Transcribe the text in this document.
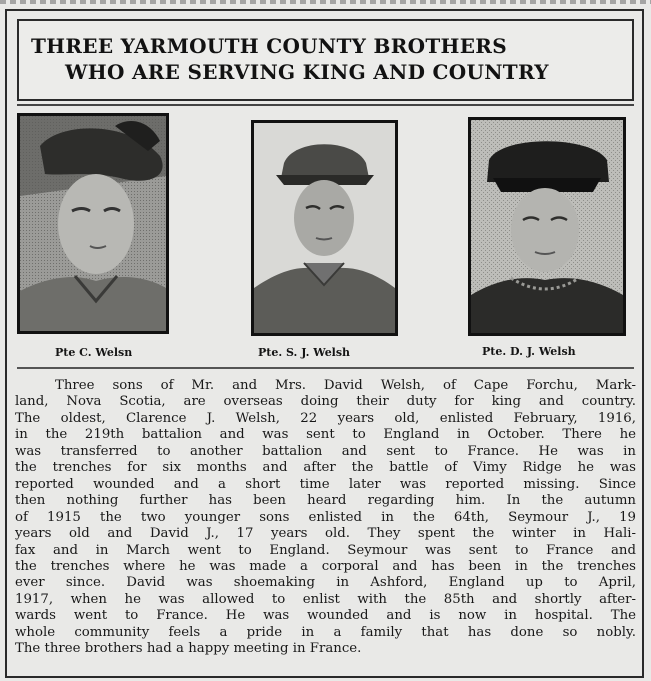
THREE YARMOUTH COUNTY BROTHERS
WHO ARE SERVING KING AND COUNTRY
Pte C. Welsn	Pte. S. J. Welsh	Pte. D. J. Welsh
Three sons of Mr. and Mrs. David Welsh, of Cape Forchu, Mark-
land, Nova Scotia, are overseas doing their duty for king and country.
The oldest, Clarence J. Welsh, 22 years old, enlisted February, 1916,
in the 219th battalion and was sent to England in October. There he
was transferred to another battalion and sent to France. He was in
the trenches for six months and after the battle of Vimy Ridge he was
reported wounded and a short time later was reported missing. Since
then nothing further has been heard regarding him. In the autumn
of 1915 the two younger sons enlisted in the 64th, Seymour J., 19
years old and David J., 17 years old. They spent the winter in Hali-
fax and in March went to England. Seymour was sent to France and
the trenches where he was made a corporal and has been in the trenches
ever since. David was shoemaking in Ashford, England up to April,
1917, when he was allowed to enlist with the 85th and shortly after-
wards went to France. He was wounded and is now in hospital. The
whole community feels a pride in a family that has done so nobly.
The three brothers had a happy meeting in France.
